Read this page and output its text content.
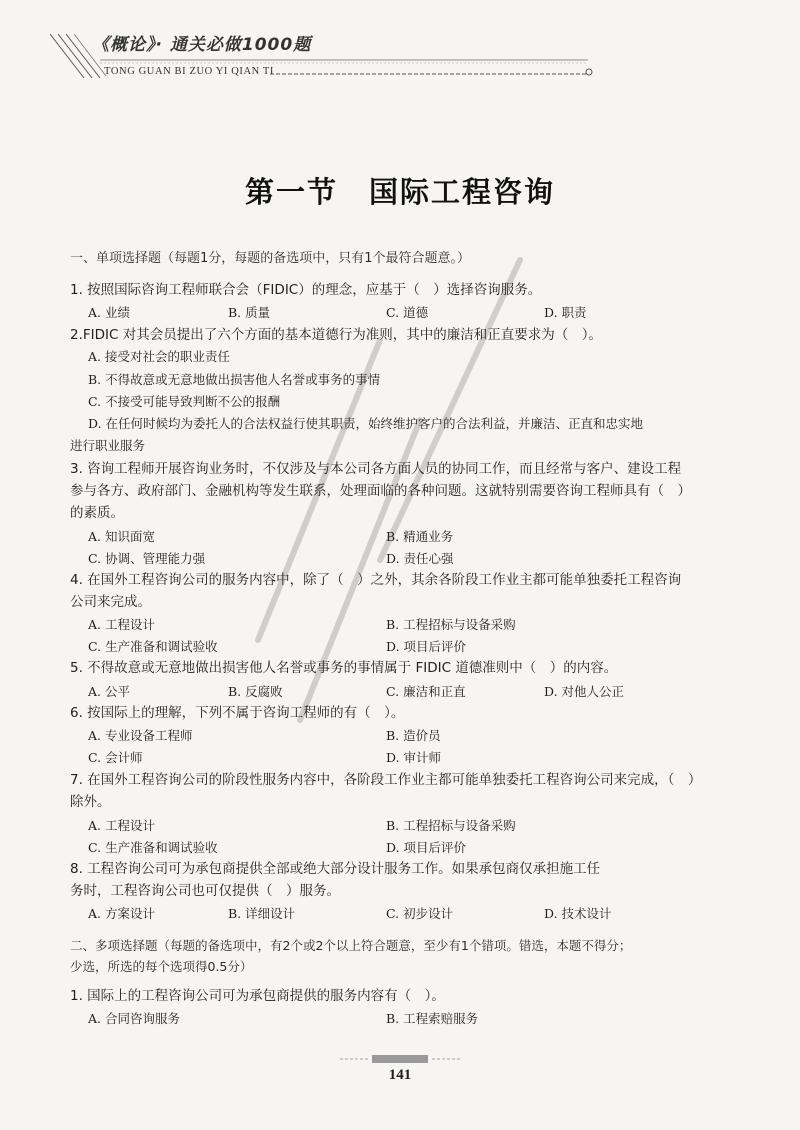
《概论》· 通关必做1000题
TONG GUAN BI ZUO YI QIAN TI
第一节　国际工程咨询
一、单项选择题（每题1分，每题的备选项中，只有1个最符合题意。）
1. 按照国际咨询工程师联合会（FIDIC）的理念，应基于（　）选择咨询服务。
A. 业绩	B. 质量	C. 道德	D. 职责
2.FIDIC 对其会员提出了六个方面的基本道德行为准则，其中的廉洁和正直要求为（　）。
A. 接受对社会的职业责任
B. 不得故意或无意地做出损害他人名誉或事务的事情
C. 不接受可能导致判断不公的报酬
D. 在任何时候均为委托人的合法权益行使其职责，始终维护客户的合法利益，并廉洁、正直和忠实地
进行职业服务
3. 咨询工程师开展咨询业务时，不仅涉及与本公司各方面人员的协同工作，而且经常与客户、建设工程
参与各方、政府部门、金融机构等发生联系，处理面临的各种问题。这就特别需要咨询工程师具有（　）
的素质。
A. 知识面宽	B. 精通业务
C. 协调、管理能力强	D. 责任心强
4. 在国外工程咨询公司的服务内容中，除了（　）之外，其余各阶段工作业主都可能单独委托工程咨询
公司来完成。
A. 工程设计	B. 工程招标与设备采购
C. 生产准备和调试验收	D. 项目后评价
5. 不得故意或无意地做出损害他人名誉或事务的事情属于 FIDIC 道德准则中（　）的内容。
A. 公平	B. 反腐败	C. 廉洁和正直	D. 对他人公正
6. 按国际上的理解，下列不属于咨询工程师的有（　）。
A. 专业设备工程师	B. 造价员
C. 会计师	D. 审计师
7. 在国外工程咨询公司的阶段性服务内容中，各阶段工作业主都可能单独委托工程咨询公司来完成，（　）
除外。
A. 工程设计	B. 工程招标与设备采购
C. 生产准备和调试验收	D. 项目后评价
8. 工程咨询公司可为承包商提供全部或绝大部分设计服务工作。如果承包商仅承担施工任
务时，工程咨询公司也可仅提供（　）服务。
A. 方案设计	B. 详细设计	C. 初步设计	D. 技术设计
二、多项选择题（每题的备选项中，有2个或2个以上符合题意，至少有1个错项。错选，本题不得分；
少选，所选的每个选项得0.5分）
1. 国际上的工程咨询公司可为承包商提供的服务内容有（　）。
A. 合同咨询服务	B. 工程索赔服务
141
